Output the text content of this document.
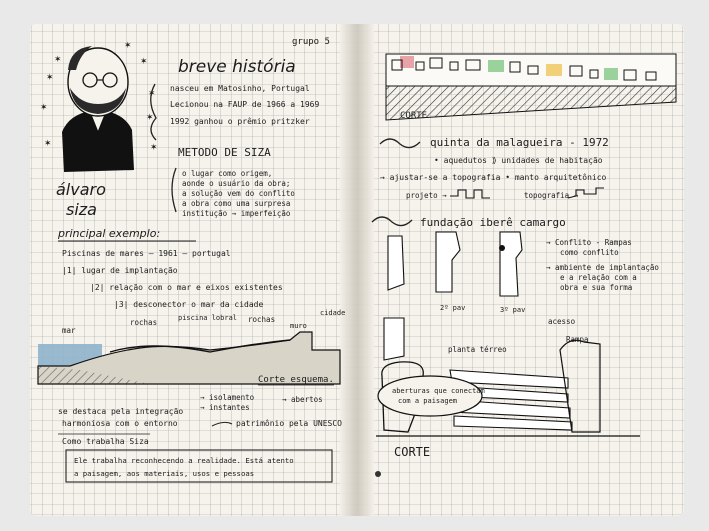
✶
✶
✶
✶
✶
✶
✶
✶
✶
grupo 5
breve história
nasceu em Matosinho, Portugal
Lecionou na FAUP de 1966 a 1969
1992 ganhou o prêmio pritzker
METODO DE SIZA
álvaro
siza
o lugar como origem,
aonde o usuário da obra;
a solução vem do conflito
a obra como uma surpresa
institução → imperfeição
principal exemplo:
Piscinas de mares — 1961 — portugal
|1| lugar de implantação
|2| relação com o mar e eixos existentes
|3| desconector o mar da cidade
mar
rochas	piscina lobral rochas
muro
cidade
Corte esquema.
→ isolamento
→ instantes
→ abertos
se destaca pela integração
harmoniosa com o entorno	patrimônio pela UNESCO
Como trabalha Siza
Ele trabalha reconhecendo a realidade. Está atento
a paisagem, aos materiais, usos e pessoas
CORTE
quinta da malagueira - 1972
• aquedutos ⟫ unidades de habitação
→ ajustar-se a topografia • manto arquitetônico
projeto →	topografia →
fundação iberê camargo
2º pav	3º pav
→ Conflito - Rampas
como conflito
→ ambiente de implantação
e a relação com a
obra e sua forma
planta térreo
acesso
Rampa
aberturas que conectam
com a paisagem
CORTE
